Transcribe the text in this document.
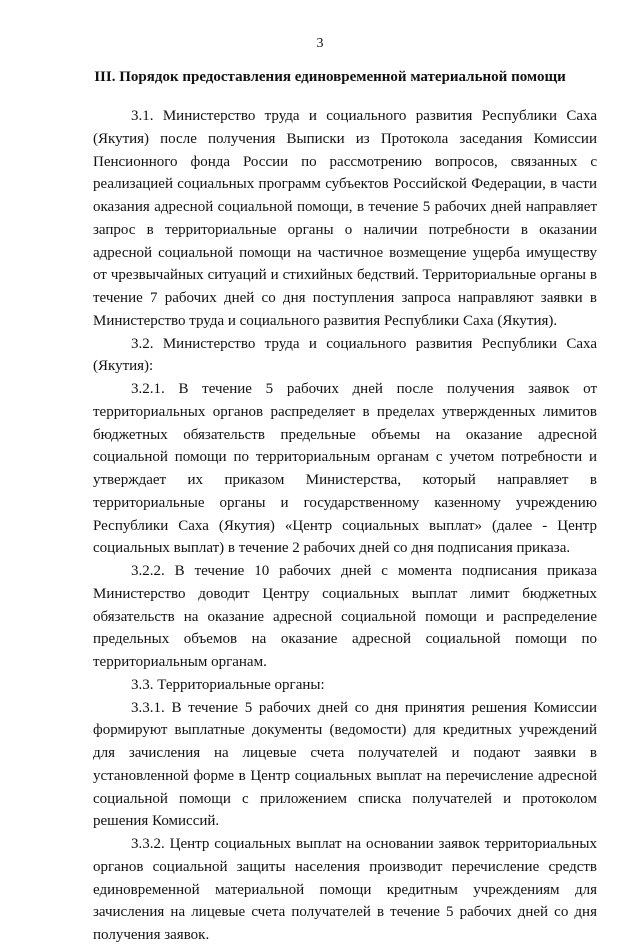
3
III. Порядок предоставления единовременной материальной помощи

3.1. Министерство труда и социального развития Республики Саха (Якутия) после получения Выписки из Протокола заседания Комиссии Пенсионного фонда России по рассмотрению вопросов, связанных с реализацией социальных программ субъектов Российской Федерации, в части оказания адресной социальной помощи, в течение 5 рабочих дней направляет запрос в территориальные органы о наличии потребности в оказании адресной социальной помощи на частичное возмещение ущерба имуществу от чрезвычайных ситуаций и стихийных бедствий. Территориальные органы в течение 7 рабочих дней со дня поступления запроса направляют заявки в Министерство труда и социального развития Республики Саха (Якутия).

3.2. Министерство труда и социального развития Республики Саха (Якутия):

3.2.1. В течение 5 рабочих дней после получения заявок от территориальных органов распределяет в пределах утвержденных лимитов бюджетных обязательств предельные объемы на оказание адресной социальной помощи по территориальным органам с учетом потребности и утверждает их приказом Министерства, который направляет в территориальные органы и государственному казенному учреждению Республики Саха (Якутия) «Центр социальных выплат» (далее - Центр социальных выплат) в течение 2 рабочих дней со дня подписания приказа.

3.2.2. В течение 10 рабочих дней с момента подписания приказа Министерство доводит Центру социальных выплат лимит бюджетных обязательств на оказание адресной социальной помощи и распределение предельных объемов на оказание адресной социальной помощи по территориальным органам.

3.3. Территориальные органы:

3.3.1. В течение 5 рабочих дней со дня принятия решения Комиссии формируют выплатные документы (ведомости) для кредитных учреждений для зачисления на лицевые счета получателей и подают заявки в установленной форме в Центр социальных выплат на перечисление адресной социальной помощи с приложением списка получателей и протоколом решения Комиссий.

3.3.2. Центр социальных выплат на основании заявок территориальных органов социальной защиты населения производит перечисление средств единовременной материальной помощи кредитным учреждениям для зачисления на лицевые счета получателей в течение 5 рабочих дней со дня получения заявок.
